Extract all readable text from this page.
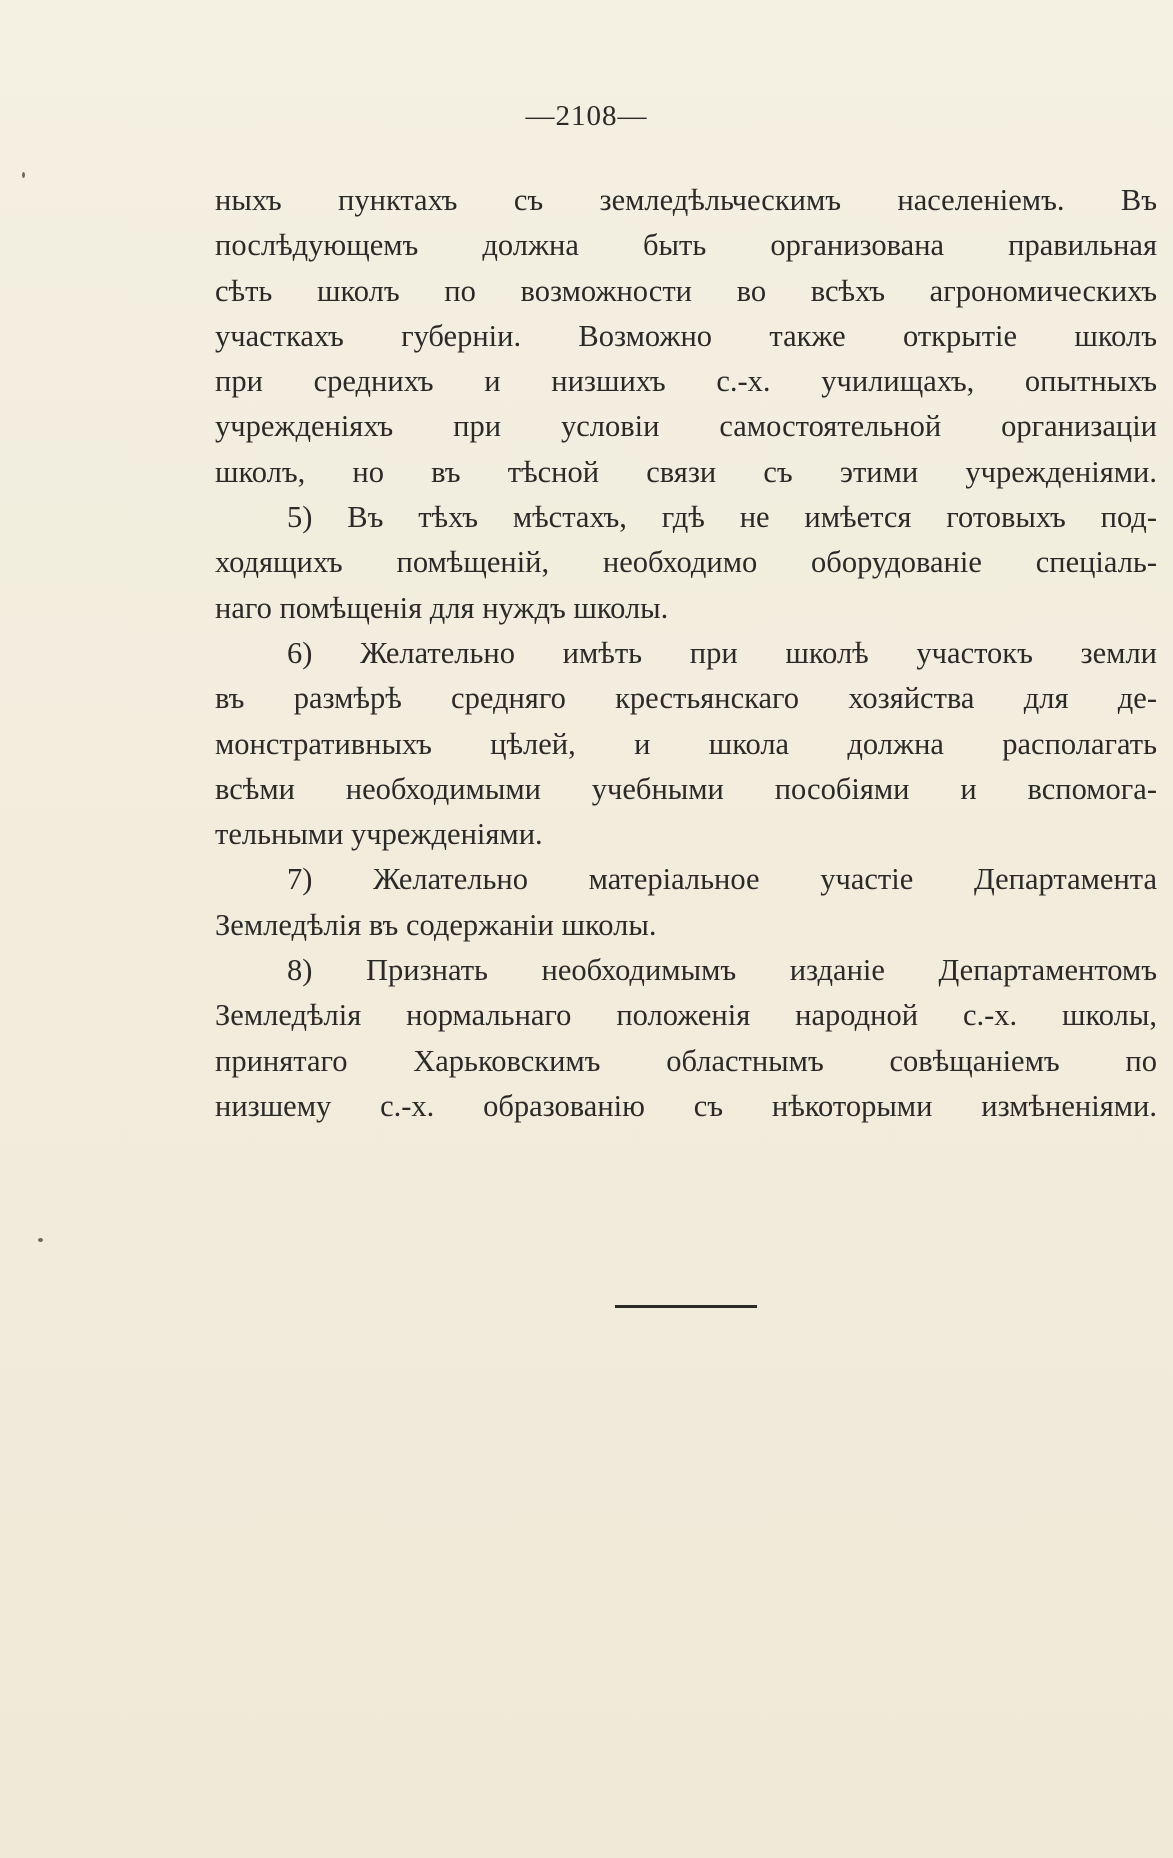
—2108—
ныхъ пунктахъ съ земледѣльческимъ населеніемъ. Въ
послѣдующемъ должна быть организована правильная
сѣть школъ по возможности во всѣхъ агрономическихъ
участкахъ губерніи. Возможно также открытіе школъ
при среднихъ и низшихъ с.-х. училищахъ, опытныхъ
учрежденіяхъ при условіи самостоятельной организаціи
школъ, но въ тѣсной связи съ этими учрежденіями.
5) Въ тѣхъ мѣстахъ, гдѣ не имѣется готовыхъ под-
ходящихъ помѣщеній, необходимо оборудованіе спеціаль-
наго помѣщенія для нуждъ школы.
6) Желательно имѣть при школѣ участокъ земли
въ размѣрѣ средняго крестьянскаго хозяйства для де-
монстративныхъ цѣлей, и школа должна располагать
всѣми необходимыми учебными пособіями и вспомога-
тельными учрежденіями.
7) Желательно матеріальное участіе Департамента
Земледѣлія въ содержаніи школы.
8) Признать необходимымъ изданіе Департаментомъ
Земледѣлія нормальнаго положенія народной с.-х. школы,
принятаго Харьковскимъ областнымъ совѣщаніемъ по
низшему с.-х. образованію съ нѣкоторыми измѣненіями.
